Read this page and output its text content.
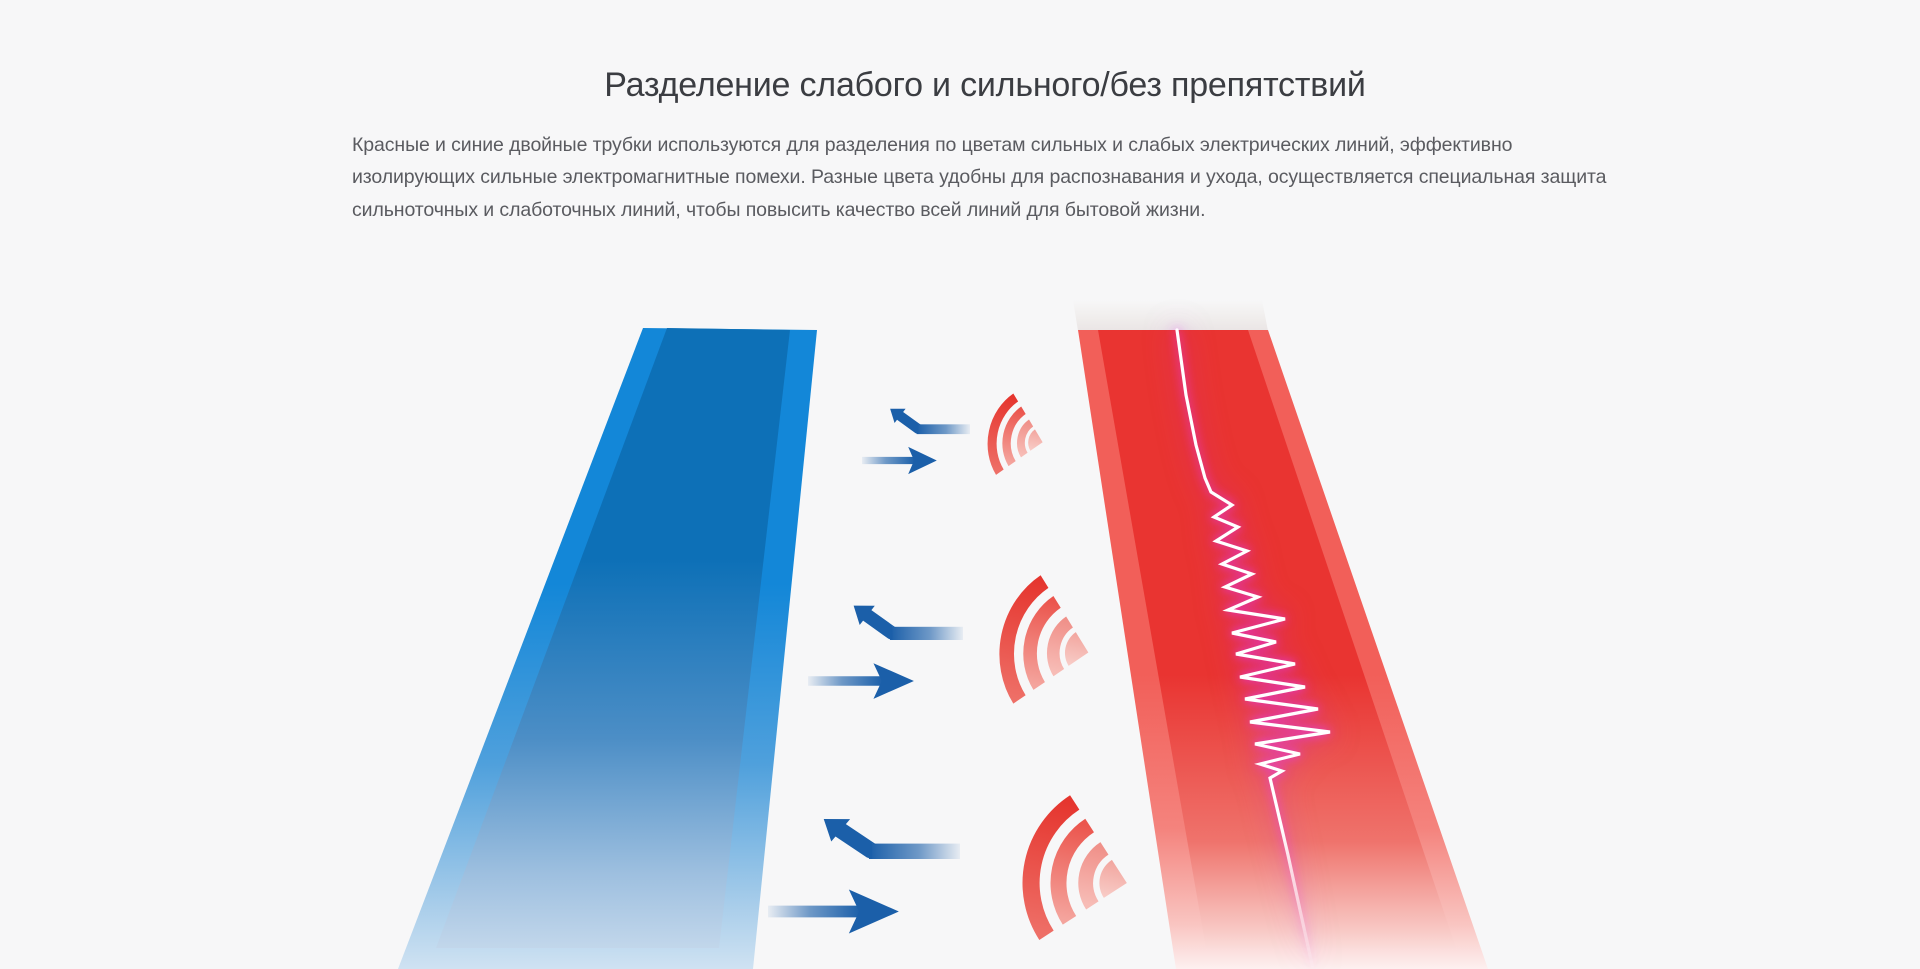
Разделение слабого и сильного/без препятствий

Красные и синие двойные трубки используются для разделения по цветам сильных и слабых электрических линий, эффективно изолирующих сильные электромагнитные помехи. Разные цвета удобны для распознавания и ухода, осуществляется специальная защита сильноточных и слаботочных линий, чтобы повысить качество всей линий для бытовой жизни.
